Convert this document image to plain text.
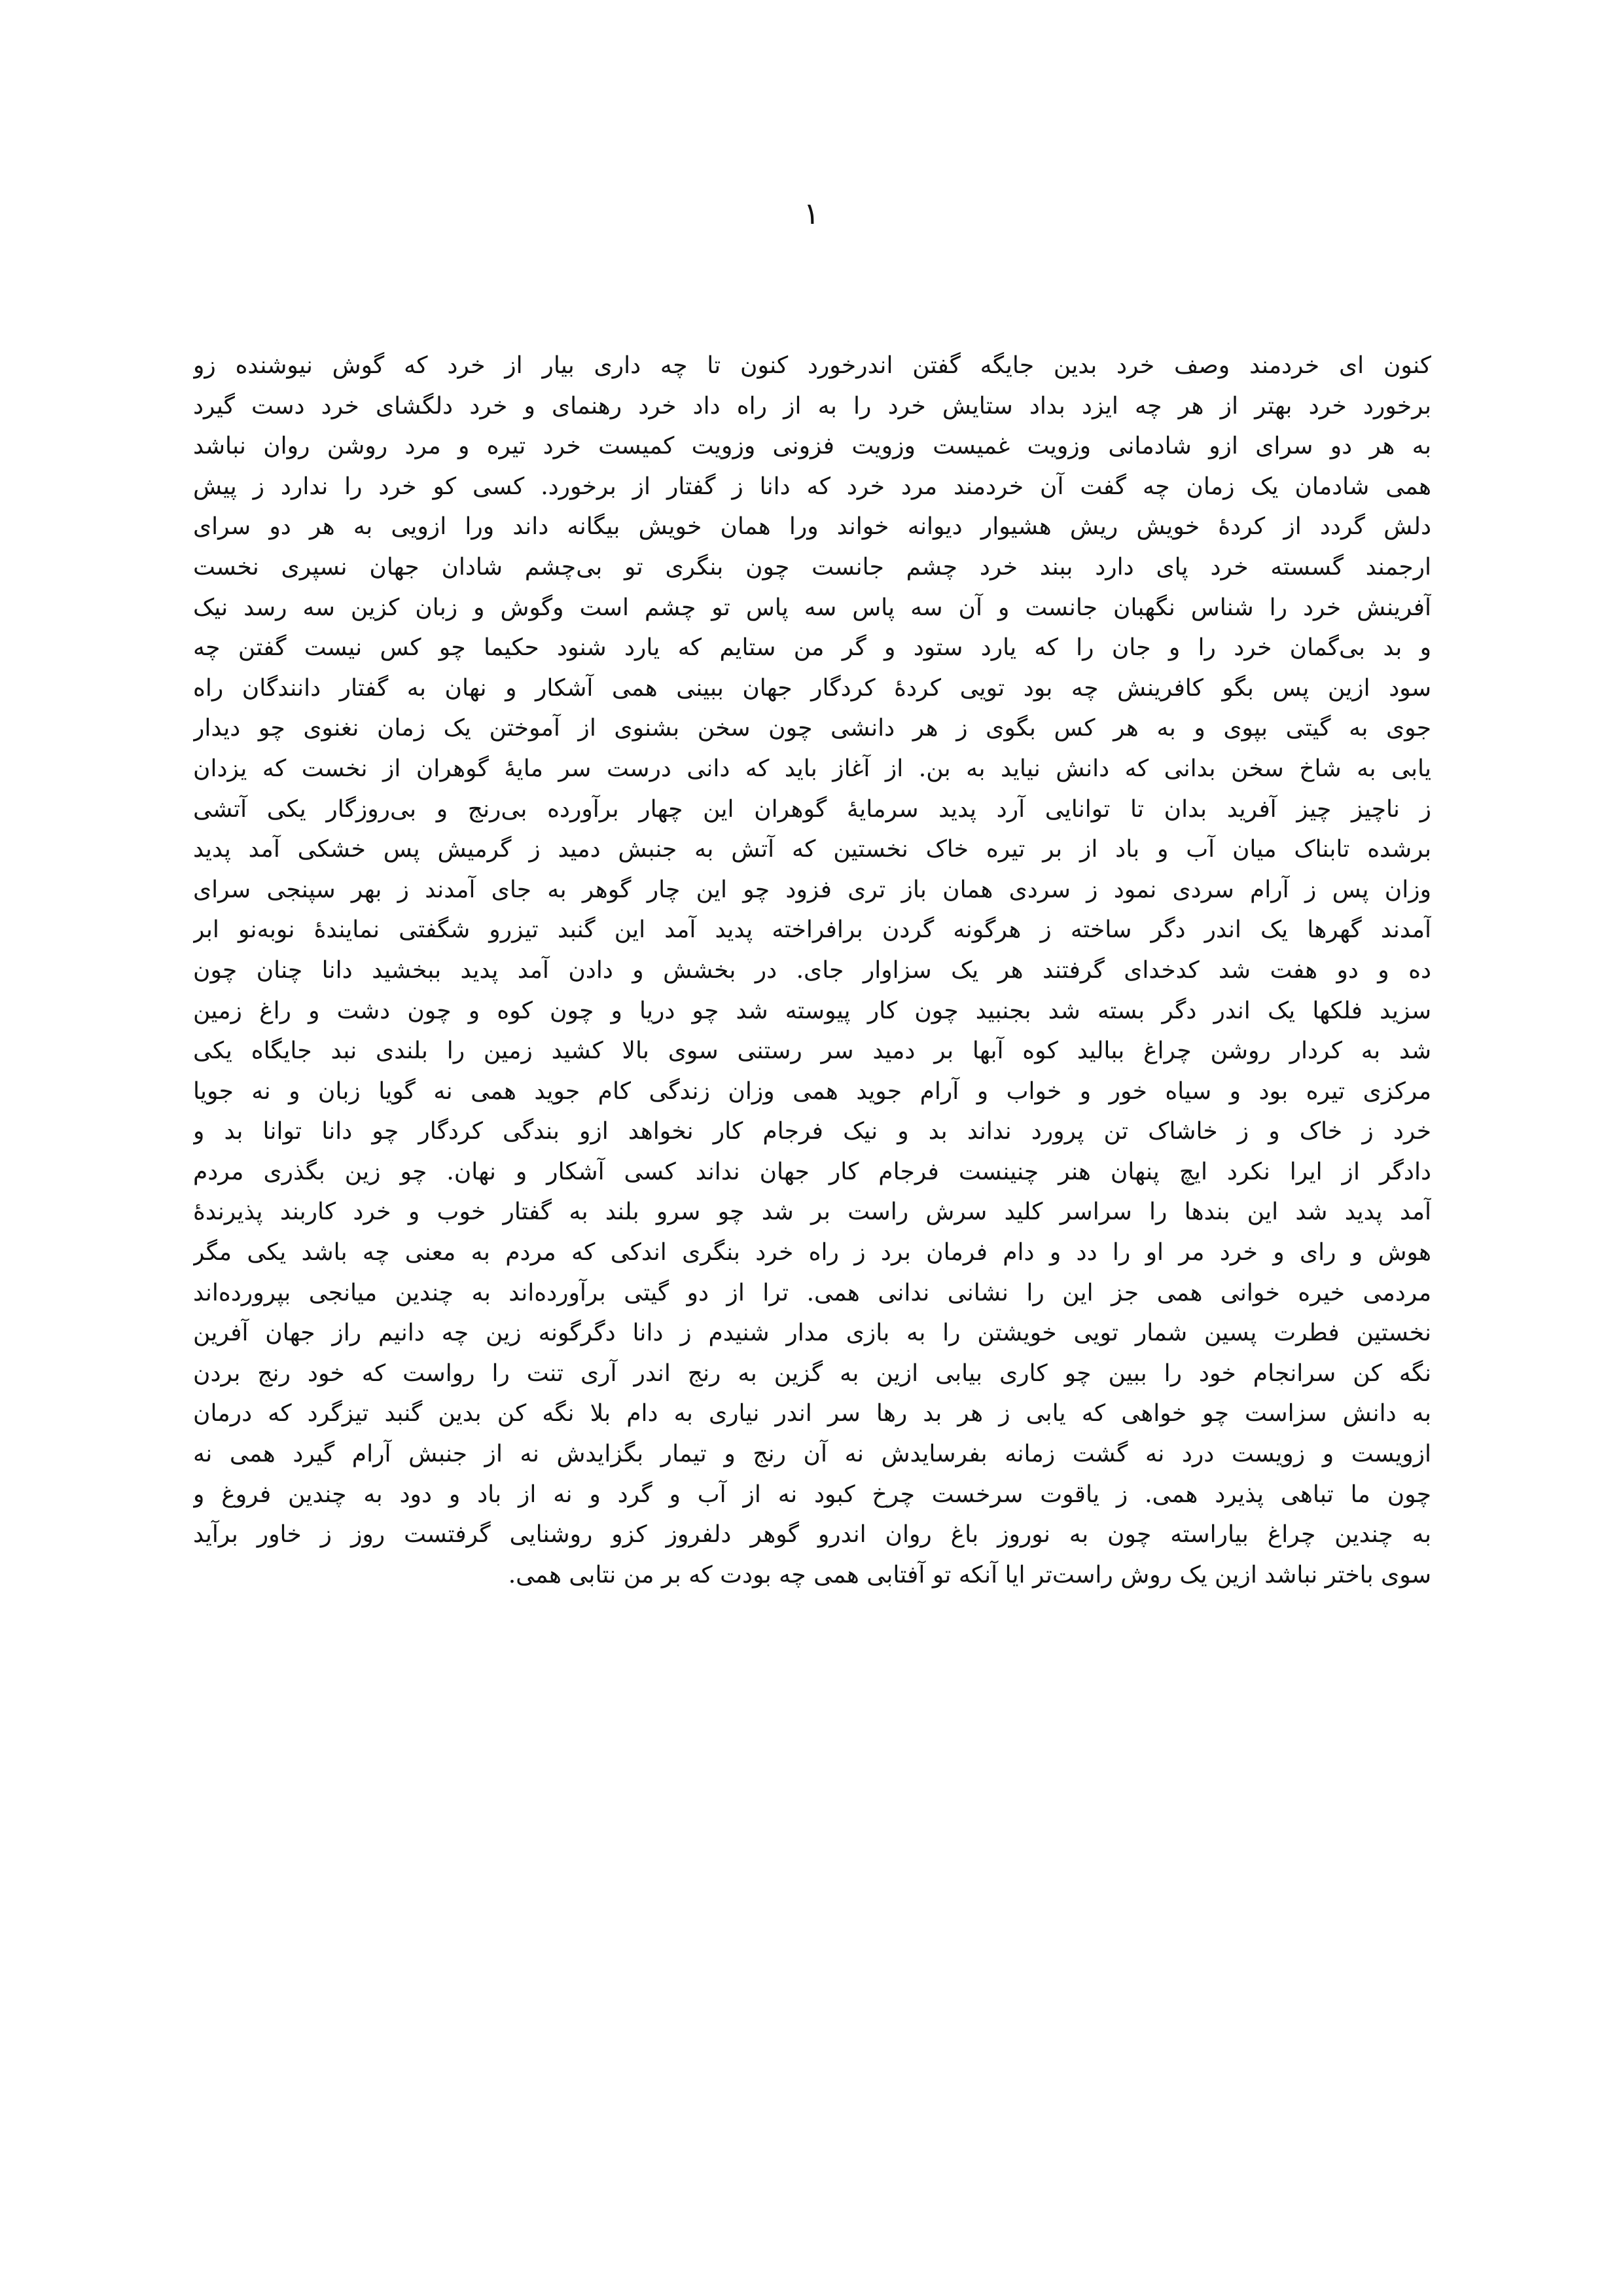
۱
کنون ای خردمند وصف خرد بدین جایگه گفتن اندرخورد کنون تا چه داری بیار از خرد که گوش نیوشنده زو
برخورد خرد بهتر از هر چه ایزد بداد ستایش خرد را به از راه داد خرد رهنمای و خرد دلگشای خرد دست گیرد
به هر دو سرای ازو شادمانی وزویت غمیست وزویت فزونی وزویت کمیست خرد تیره و مرد روشن روان نباشد
همی شادمان یک زمان چه گفت آن خردمند مرد خرد که دانا ز گفتار از برخورد. کسی کو خرد را ندارد ز پیش
دلش گردد از کردهٔ خویش ریش هشیوار دیوانه خواند ورا همان خویش بیگانه داند ورا ازویی به هر دو سرای
ارجمند گسسته خرد پای دارد ببند خرد چشم جانست چون بنگری تو بی‌چشم شادان جهان نسپری نخست
آفرینش خرد را شناس نگهبان جانست و آن سه پاس سه پاس تو چشم است وگوش و زبان کزین سه رسد نیک
و بد بی‌گمان خرد را و جان را که یارد ستود و گر من ستایم که یارد شنود حکیما چو کس نیست گفتن چه
سود ازین پس بگو کافرینش چه بود تویی کردهٔ کردگار جهان ببینی همی آشکار و نهان به گفتار دانندگان راه
جوی به گیتی بپوی و به هر کس بگوی ز هر دانشی چون سخن بشنوی از آموختن یک زمان نغنوی چو دیدار
یابی به شاخ سخن بدانی که دانش نیاید به بن. از آغاز باید که دانی درست سر مایهٔ گوهران از نخست که یزدان
ز ناچیز چیز آفرید بدان تا توانایی آرد پدید سرمایهٔ گوهران این چهار برآورده بی‌رنج و بی‌روزگار یکی آتشی
برشده تابناک میان آب و باد از بر تیره خاک نخستین که آتش به جنبش دمید ز گرمیش پس خشکی آمد پدید
وزان پس ز آرام سردی نمود ز سردی همان باز تری فزود چو این چار گوهر به جای آمدند ز بهر سپنجی سرای
آمدند گهرها یک اندر دگر ساخته ز هرگونه گردن برافراخته پدید آمد این گنبد تیزرو شگفتی نمایندهٔ نوبه‌نو ابر
ده و دو هفت شد کدخدای گرفتند هر یک سزاوار جای. در بخشش و دادن آمد پدید ببخشید دانا چنان چون
سزید فلکها یک اندر دگر بسته شد بجنبید چون کار پیوسته شد چو دریا و چون کوه و چون دشت و راغ زمین
شد به کردار روشن چراغ ببالید کوه آبها بر دمید سر رستنی سوی بالا کشید زمین را بلندی نبد جایگاه یکی
مرکزی تیره بود و سیاه خور و خواب و آرام جوید همی وزان زندگی کام جوید همی نه گویا زبان و نه جویا
خرد ز خاک و ز خاشاک تن پرورد نداند بد و نیک فرجام کار نخواهد ازو بندگی کردگار چو دانا توانا بد و
دادگر از ایرا نکرد ایچ پنهان هنر چنینست فرجام کار جهان نداند کسی آشکار و نهان. چو زین بگذری مردم
آمد پدید شد این بندها را سراسر کلید سرش راست بر شد چو سرو بلند به گفتار خوب و خرد کاربند پذیرندهٔ
هوش و رای و خرد مر او را دد و دام فرمان برد ز راه خرد بنگری اندکی که مردم به معنی چه باشد یکی مگر
مردمی خیره خوانی همی جز این را نشانی ندانی همی. ترا از دو گیتی برآورده‌اند به چندین میانجی بپرورده‌اند
نخستین فطرت پسین شمار تویی خویشتن را به بازی مدار شنیدم ز دانا دگرگونه زین چه دانیم راز جهان آفرین
نگه کن سرانجام خود را ببین چو کاری بیابی ازین به گزین به رنج اندر آری تنت را رواست که خود رنج بردن
به دانش سزاست چو خواهی که یابی ز هر بد رها سر اندر نیاری به دام بلا نگه کن بدین گنبد تیزگرد که درمان
ازویست و زویست درد نه گشت زمانه بفرسایدش نه آن رنج و تیمار بگزایدش نه از جنبش آرام گیرد همی نه
چون ما تباهی پذیرد همی. ز یاقوت سرخست چرخ کبود نه از آب و گرد و نه از باد و دود به چندین فروغ و
به چندین چراغ بیاراسته چون به نوروز باغ روان اندرو گوهر دلفروز کزو روشنایی گرفتست روز ز خاور برآید
سوی باختر نباشد ازین یک روش راست‌تر ایا آنکه تو آفتابی همی چه بودت که بر من نتابی همی.
